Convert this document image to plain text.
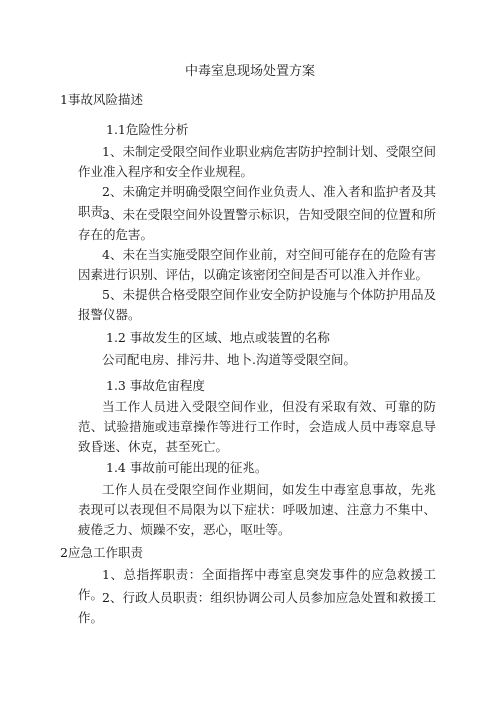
中毒室息现场处置方案
1事故风险描述
1.1危险性分析
1、未制定受限空间作业职业病危害防护控制计划、受限空间作业准入程序和安全作业规程。
2、未确定并明确受限空间作业负责人、准入者和监护者及其职责。
3、未在受限空间外设置警示标识，告知受限空间的位置和所存在的危害。
4、未在当实施受限空间作业前，对空间可能存在的危险有害因素进行识别、评估，以确定该密闭空间是否可以准入并作业。
5、未提供合格受限空间作业安全防护设施与个体防护用品及报警仪器。
1.2 事故发生的区域、地点或装置的名称
公司配电房、排污井、地卜.沟道等受限空间。
1.3 事故危宙程度
当工作人员进入受限空间作业，但没有采取有效、可靠的防范、试验措施或违章操作等进行工作时，会造成人员中毒窣息导致昏迷、休克，甚至死亡。
1.4 事故前可能出现的征兆。
工作人员在受限空间作业期间，如发生中毒室息事故，先兆表现可以表现但不局限为以下症状：呼吸加速、注意力不集中、疲倦乏力、烦躁不安，恶心，呕吐等。
2应急工作职责
1、总指挥职责：全面指挥中毒室息突发事件的应急救援工作。
2、行政人员职责：组织协调公司人员参加应急处置和救援工作。
